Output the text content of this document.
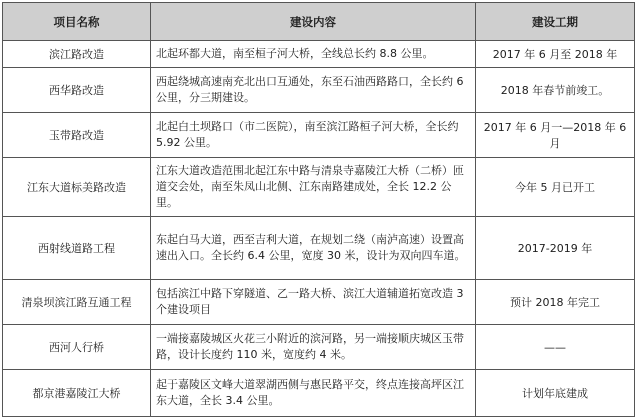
项目名称	建设内容	建设工期
滨江路改造	北起环都大道，南至桓子河大桥，全线总长约 8.8 公里。	2017 年 6 月至 2018 年
西华路改造	西起绕城高速南充北出口互通处，东至石油西路路口，全长约 6 公里，分三期建设。	2018 年春节前竣工。
玉带路改造	北起白土坝路口（市二医院），南至滨江路桓子河大桥，全长约 5.92 公里。	2017 年 6 月一—2018 年 6 月
江东大道标美路改造	江东大道改造范围北起江东中路与清泉寺嘉陵江大桥（二桥）匝道交会处，南至朱凤山北侧、江东南路建成处，全长 12.2 公里。	今年 5 月已开工
西射线道路工程	东起白马大道，西至吉利大道，在规划二绕（南泸高速）设置高速出入口。全长约 6.4 公里，宽度 30 米，设计为双向四车道。	2017-2019 年
清泉坝滨江路互通工程	包括滨江中路下穿隧道、乙一路大桥、滨江大道辅道拓宽改造 3 个建设项目	预计 2018 年完工
西河人行桥	一端接嘉陵城区火花三小附近的滨河路，另一端接顺庆城区玉带路，设计长度约 110 米，宽度约 4 米。	——
都京港嘉陵江大桥	起于嘉陵区文峰大道翠湖西侧与惠民路平交，终点连接高坪区江东大道，全长 3.4 公里。	计划年底建成
